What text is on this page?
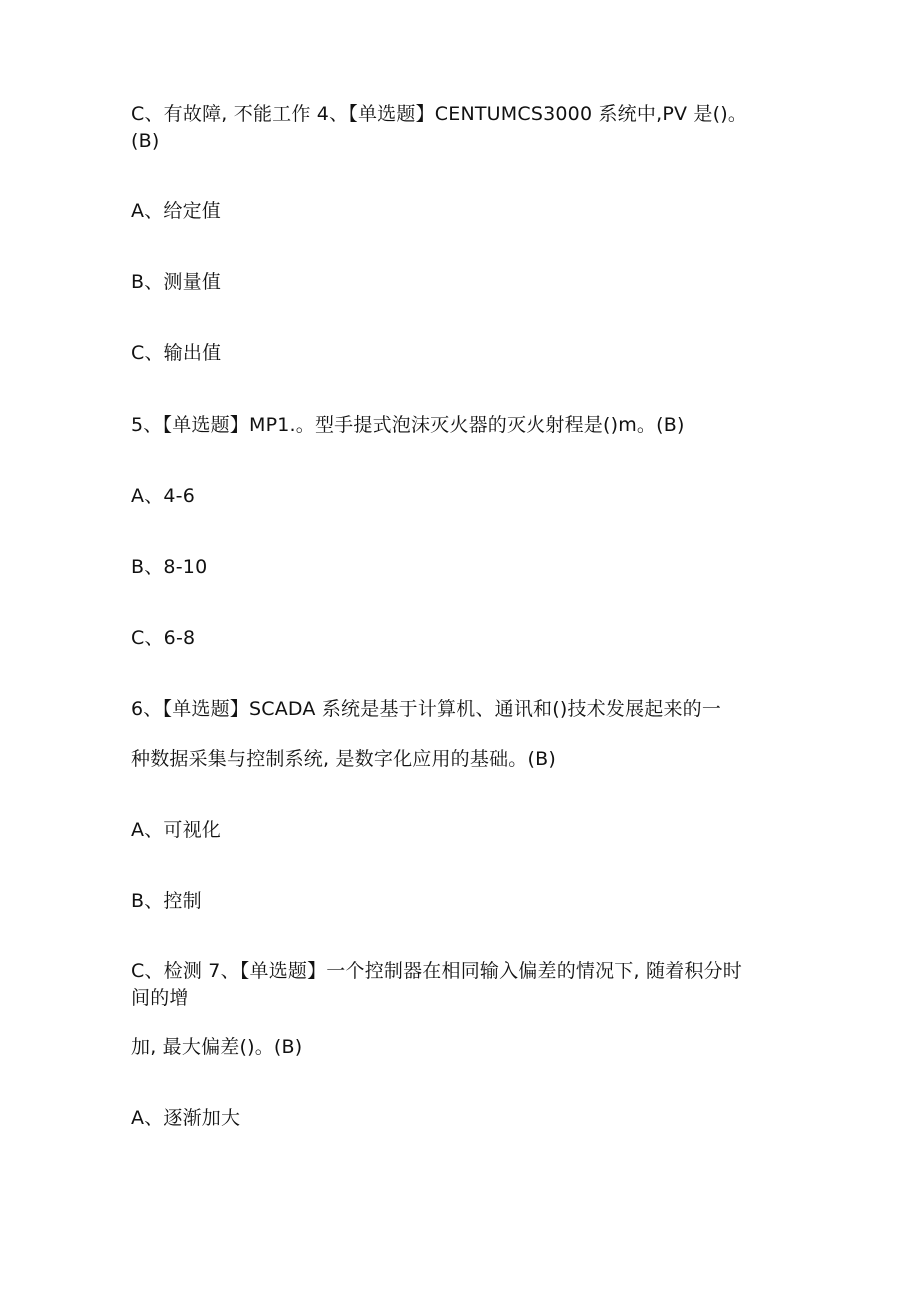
C、有故障, 不能工作 4、【单选题】CENTUMCS3000 系统中,PV 是()。
(B)
A、给定值
B、测量值
C、输出值
5、【单选题】MP1.。型手提式泡沫灭火器的灭火射程是()m。(B)
A、4-6
B、8-10
C、6-8
6、【单选题】SCADA 系统是基于计算机、通讯和()技术发展起来的一
种数据采集与控制系统, 是数字化应用的基础。(B)
A、可视化
B、控制
C、检测 7、【单选题】一个控制器在相同输入偏差的情况下, 随着积分时
间的增
加, 最大偏差()。(B)
A、逐渐加大
